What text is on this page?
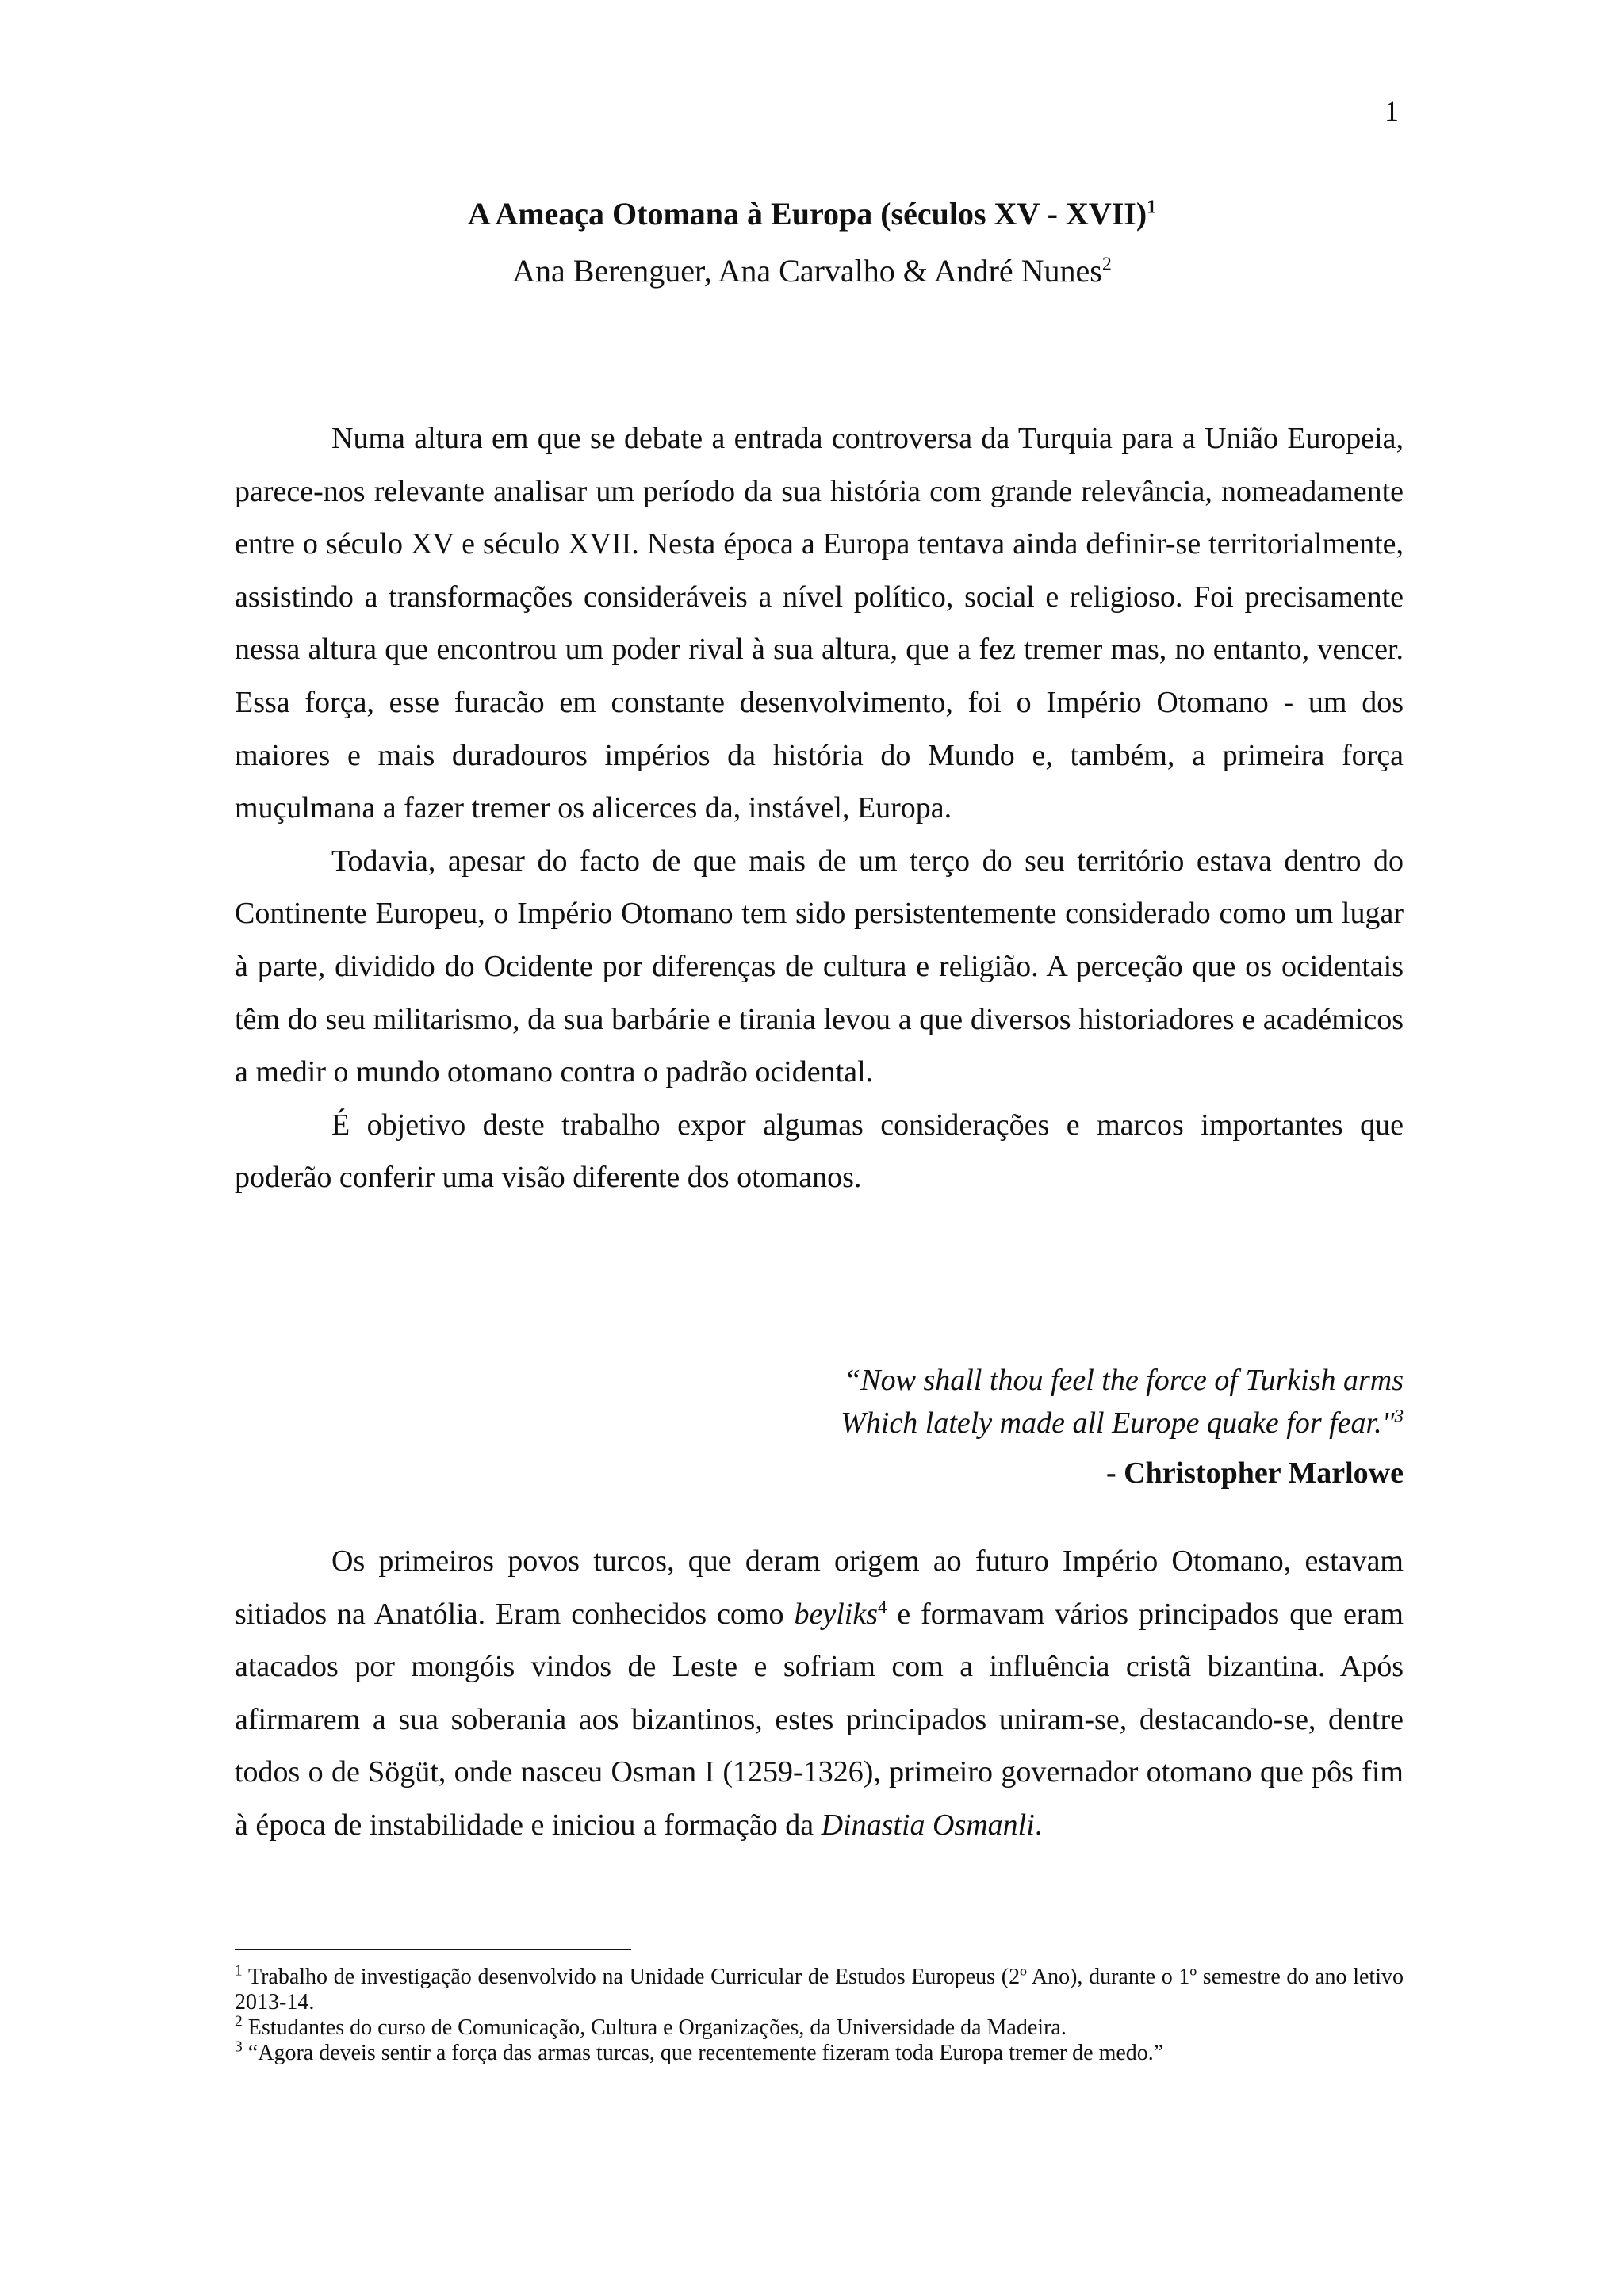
1
A Ameaça Otomana à Europa (séculos XV - XVII)$^1$
Ana Berenguer, Ana Carvalho & André Nunes$^2$

Numa altura em que se debate a entrada controversa da Turquia para a União Europeia, parece-nos relevante analisar um período da sua história com grande relevância, nomeadamente entre o século XV e século XVII. Nesta época a Europa tentava ainda definir-se territorialmente, assistindo a transformações consideráveis a nível político, social e religioso. Foi precisamente nessa altura que encontrou um poder rival à sua altura, que a fez tremer mas, no entanto, vencer. Essa força, esse furacão em constante desenvolvimento, foi o Império Otomano - um dos maiores e mais duradouros impérios da história do Mundo e, também, a primeira força muçulmana a fazer tremer os alicerces da, instável, Europa.

Todavia, apesar do facto de que mais de um terço do seu território estava dentro do Continente Europeu, o Império Otomano tem sido persistentemente considerado como um lugar à parte, dividido do Ocidente por diferenças de cultura e religião. A perceção que os ocidentais têm do seu militarismo, da sua barbárie e tirania levou a que diversos historiadores e académicos a medir o mundo otomano contra o padrão ocidental.

É objetivo deste trabalho expor algumas considerações e marcos importantes que poderão conferir uma visão diferente dos otomanos.

“Now shall thou feel the force of Turkish arms
Which lately made all Europe quake for fear."$^3$
- Christopher Marlowe

Os primeiros povos turcos, que deram origem ao futuro Império Otomano, estavam sitiados na Anatólia. Eram conhecidos como beyliks$^4$ e formavam vários principados que eram atacados por mongóis vindos de Leste e sofriam com a influência cristã bizantina. Após afirmarem a sua soberania aos bizantinos, estes principados uniram-se, destacando-se, dentre todos o de Sögüt, onde nasceu Osman I (1259-1326), primeiro governador otomano que pôs fim à época de instabilidade e iniciou a formação da Dinastia Osmanli.

$^1$ Trabalho de investigação desenvolvido na Unidade Curricular de Estudos Europeus (2º Ano), durante o 1º semestre do ano letivo 2013-14.

$^2$ Estudantes do curso de Comunicação, Cultura e Organizações, da Universidade da Madeira.

$^3$ “Agora deveis sentir a força das armas turcas, que recentemente fizeram toda Europa tremer de medo.”
